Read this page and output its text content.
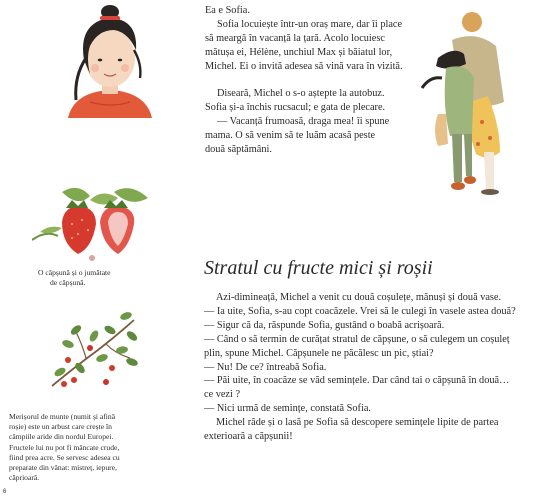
Ea e Sofia.

Sofia locuiește într-un oraș mare, dar îi place

să meargă în vacanță la țară. Acolo locuiesc

mătușa ei, Hélène, unchiul Max și băiatul lor,

Michel. Ei o invită adesea să vină vara în vizită.

Diseară, Michel o s-o aștepte la autobuz.

Sofia și-a închis rucsacul; e gata de plecare.

— Vacanță frumoasă, draga mea! îi spune

mama. O să venim să te luăm acasă peste

două săptămâni.

O căpșună și o jumătate

de căpșună.

Stratul cu fructe mici și roșii

Azi-dimineață, Michel a venit cu două coșulețe, mănuși și două vase.

— Ia uite, Sofia, s-au copt coacăzele. Vrei să le culegi în vasele astea două?

— Sigur că da, răspunde Sofia, gustând o boabă acrișoară.

— Când o să termin de curățat stratul de căpșune, o să culegem un coșuleț

plin, spune Michel. Căpșunele ne păcălesc un pic, știai?

— Nu! De ce? întreabă Sofia.

— Păi uite, în coacăze se văd semințele. Dar când tai o căpșună în două…

ce vezi ?

— Nici urmă de semințe, constată Sofia.

Michel râde și o lasă pe Sofia să descopere semințele lipite de partea

exterioară a căpșunii!

Merișorul de munte (numit și afină

roșie) este un arbust care crește în

câmpiile aride din nordul Europei.

Fructele lui nu pot fi mâncate crude,

fiind prea acre. Se servesc adesea cu

preparate din vânat: mistreț, iepure,

căprioară.

6
